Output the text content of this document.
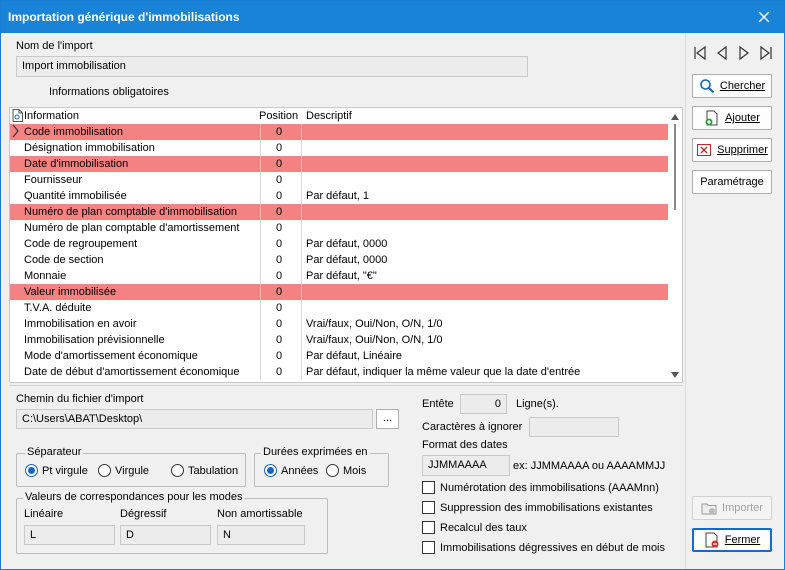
Importation générique d'immobilisations
Nom de l'import
Import immobilisation
Informations obligatoires
Information	Position Descriptif
Code immobilisation	0
Désignation immobilisation	0
Date d'immobilisation	0
Fournisseur	0
Quantité immobilisée	0 Par défaut, 1
Numéro de plan comptable d'immobilisation	0
Numéro de plan comptable d'amortissement	0
Code de regroupement	0 Par défaut, 0000
Code de section	0 Par défaut, 0000
Monnaie	0 Par défaut, "€"
Valeur immobilisée	0
T.V.A. déduite	0
Immobilisation en avoir	0 Vrai/faux, Oui/Non, O/N, 1/0
Immobilisation prévisionnelle	0 Vrai/faux, Oui/Non, O/N, 1/0
Mode d'amortissement économique	0 Par défaut, Linéaire
Date de début d'amortissement économique	0 Par défaut, indiquer la même valeur que la date d'entrée
Chemin du fichier d'import
C:\Users\ABAT\Desktop\	...
Séparateur
Pt virgule Virgule	Tabulation
Durées exprimées en
Années Mois
Valeurs de correspondances pour les modes
Linéaire	Dégressif	Non amortissable
L	D	N
Entête	0	Ligne(s).
Caractères à ignorer
Format des dates
JJMMAAAA	ex: JJMMAAAA ou AAAAMMJJ
Numérotation des immobilisations (AAAMnn)
Suppression des immobilisations existantes
Recalcul des taux
Immobilisations dégressives en début de mois
Chercher
Ajouter
Supprimer
Paramétrage
Importer
Fermer
